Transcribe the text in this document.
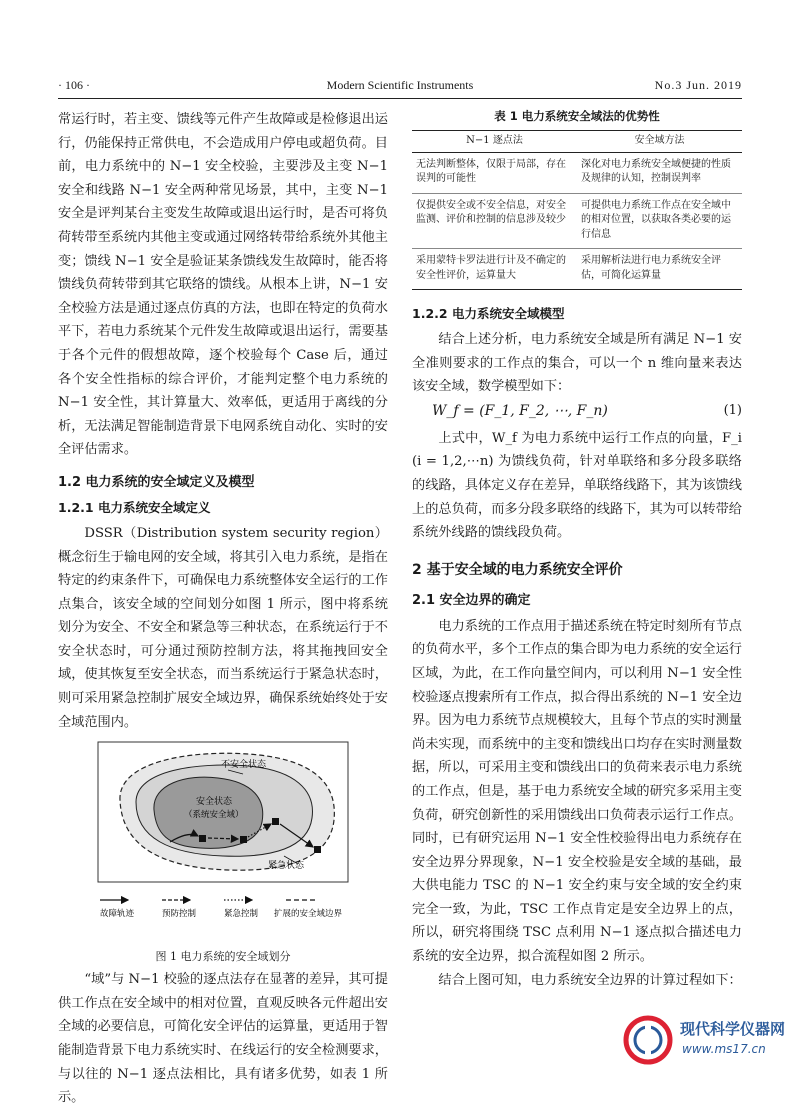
· 106 ·	Modern Scientific Instruments	No.3 Jun. 2019

常运行时，若主变、馈线等元件产生故障或是检修退出运行，仍能保持正常供电，不会造成用户停电或超负荷。目前，电力系统中的 N−1 安全校验，主要涉及主变 N−1 安全和线路 N−1 安全两种常见场景，其中，主变 N−1 安全是评判某台主变发生故障或退出运行时，是否可将负荷转带至系统内其他主变或通过网络转带给系统外其他主变；馈线 N−1 安全是验证某条馈线发生故障时，能否将馈线负荷转带到其它联络的馈线。从根本上讲，N−1 安全校验方法是通过逐点仿真的方法，也即在特定的负荷水平下，若电力系统某个元件发生故障或退出运行，需要基于各个元件的假想故障，逐个校验每个 Case 后，通过各个安全性指标的综合评价，才能判定整个电力系统的 N−1 安全性，其计算量大、效率低，更适用于离线的分析，无法满足智能制造背景下电网系统自动化、实时的安全评估需求。

1.2 电力系统的安全域定义及模型
1.2.1 电力系统安全域定义

DSSR（Distribution system security region）概念衍生于输电网的安全域，将其引入电力系统，是指在特定的约束条件下，可确保电力系统整体安全运行的工作点集合，该安全域的空间划分如图 1 所示，图中将系统划分为安全、不安全和紧急等三种状态，在系统运行于不安全状态时，可分通过预防控制方法，将其拖拽回安全域，使其恢复至安全状态，而当系统运行于紧急状态时，则可采用紧急控制扩展安全域边界，确保系统始终处于安全域范围内。

不安全状态
安全状态
（系统安全域）
紧急状态
故障轨迹	预防控制	紧急控制 扩展的安全域边界
图 1 电力系统的安全域划分

“域”与 N−1 校验的逐点法存在显著的差异，其可提供工作点在安全域中的相对位置，直观反映各元件超出安全域的必要信息，可简化安全评估的运算量，更适用于智能制造背景下电力系统实时、在线运行的安全检测要求，与以往的 N−1 逐点法相比，具有诸多优势，如表 1 所示。

表 1 电力系统安全域法的优势性
N−1 逐点法	安全域方法
无法判断整体，仅限于局部，存在误判的可能性	深化对电力系统安全域便捷的性质及规律的认知，控制误判率
仅提供安全或不安全信息，对安全监测、评价和控制的信息涉及较少	可提供电力系统工作点在安全域中的相对位置，以获取各类必要的运行信息
采用蒙特卡罗法进行计及不确定的安全性评价，运算量大	采用解析法进行电力系统安全评估，可简化运算量
1.2.2 电力系统安全域模型

结合上述分析，电力系统安全域是所有满足 N−1 安全准则要求的工作点的集合，可以一个 n 维向量来表达该安全域，数学模型如下：

W_f = (F_1, F_2, ⋯, F_n)	(1)

上式中，W_f 为电力系统中运行工作点的向量，F_i (i = 1,2,⋯n) 为馈线负荷，针对单联络和多分段多联络的线路，具体定义存在差异，单联络线路下，其为该馈线上的总负荷，而多分段多联络的线路下，其为可以转带给系统外线路的馈线段负荷。

2 基于安全域的电力系统安全评价
2.1 安全边界的确定

电力系统的工作点用于描述系统在特定时刻所有节点的负荷水平，多个工作点的集合即为电力系统的安全运行区域，为此，在工作向量空间内，可以利用 N−1 安全性校验逐点搜索所有工作点，拟合得出系统的 N−1 安全边界。因为电力系统节点规模较大，且每个节点的实时测量尚未实现，而系统中的主变和馈线出口均存在实时测量数据，所以，可采用主变和馈线出口的负荷来表示电力系统的工作点，但是，基于电力系统安全域的研究多采用主变负荷，研究创新性的采用馈线出口负荷表示运行工作点。同时，已有研究运用 N−1 安全性校验得出电力系统存在安全边界分界现象，N−1 安全校验是安全域的基础，最大供电能力 TSC 的 N−1 安全约束与安全域的安全约束完全一致，为此，TSC 工作点肯定是安全边界上的点，所以，研究将围绕 TSC 点利用 N−1 逐点拟合描述电力系统的安全边界，拟合流程如图 2 所示。

结合上图可知，电力系统安全边界的计算过程如下：

现代科学仪器网
www.ms17.cn
